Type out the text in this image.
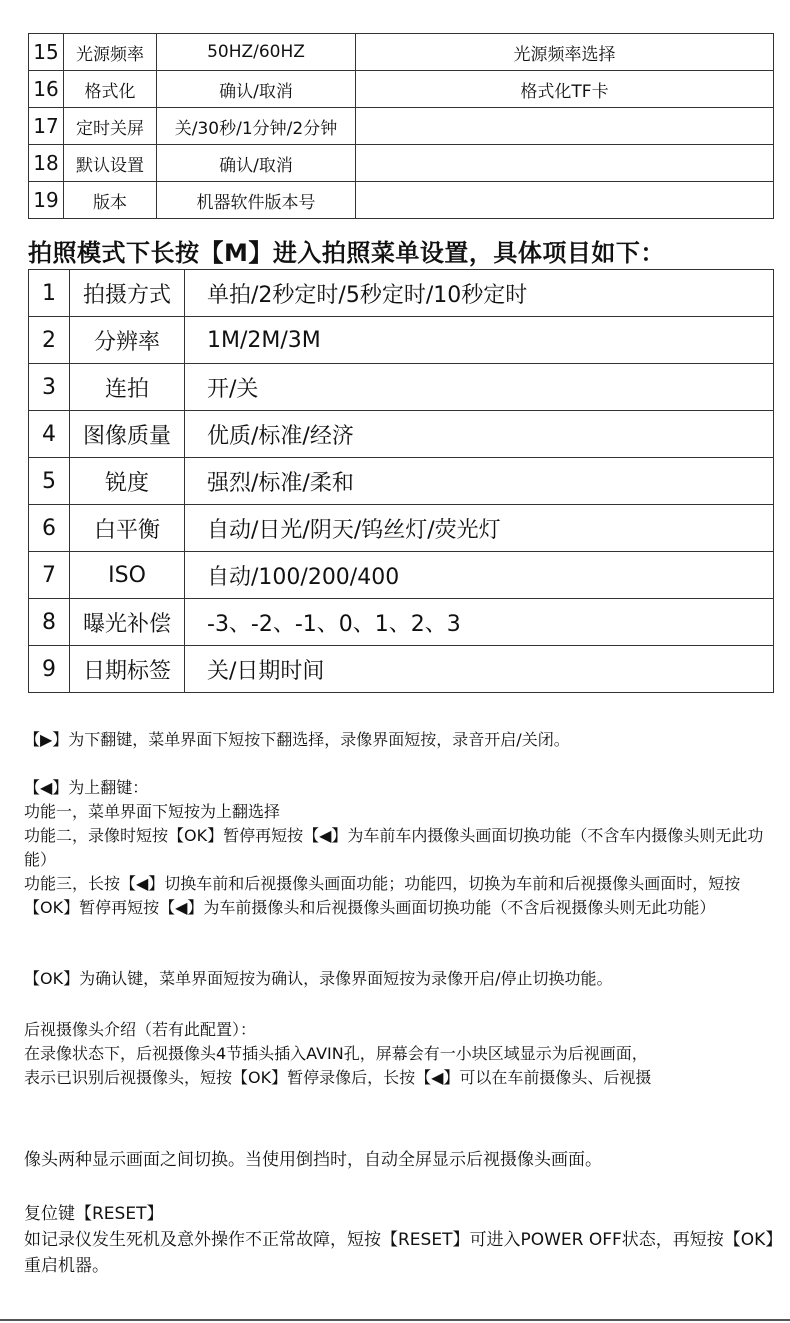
15	光源频率	50HZ/60HZ	光源频率选择
16	格式化	确认/取消	格式化TF卡
17	定时关屏	关/30秒/1分钟/2分钟	
18	默认设置	确认/取消	
19	版本	机器软件版本号	
拍照模式下长按【M】进入拍照菜单设置，具体项目如下：
1	拍摄方式	单拍/2秒定时/5秒定时/10秒定时
2	分辨率	1M/2M/3M
3	连拍	开/关
4	图像质量	优质/标准/经济
5	锐度	强烈/标准/柔和
6	白平衡	自动/日光/阴天/钨丝灯/荧光灯
7	ISO	自动/100/200/400
8	曝光补偿	-3、-2、-1、0、1、2、3
9	日期标签	关/日期时间

【▶】为下翻键，菜单界面下短按下翻选择，录像界面短按，录音开启/关闭。

【◀】为上翻键：

功能一，菜单界面下短按为上翻选择

功能二，录像时短按【OK】暂停再短按【◀】为车前车内摄像头画面切换功能（不含车内摄像头则无此功能）

功能三，长按【◀】切换车前和后视摄像头画面功能；功能四，切换为车前和后视摄像头画面时，短按【OK】暂停再短按【◀】为车前摄像头和后视摄像头画面切换功能（不含后视摄像头则无此功能）

【OK】为确认键，菜单界面短按为确认，录像界面短按为录像开启/停止切换功能。

后视摄像头介绍（若有此配置）：

在录像状态下，后视摄像头4节插头插入AVIN孔，屏幕会有一小块区域显示为后视画面，

表示已识别后视摄像头，短按【OK】暂停录像后，长按【◀】可以在车前摄像头、后视摄

像头两种显示画面之间切换。当使用倒挡时，自动全屏显示后视摄像头画面。

复位键【RESET】

如记录仪发生死机及意外操作不正常故障，短按【RESET】可进入POWER OFF状态，再短按【OK】重启机器。
